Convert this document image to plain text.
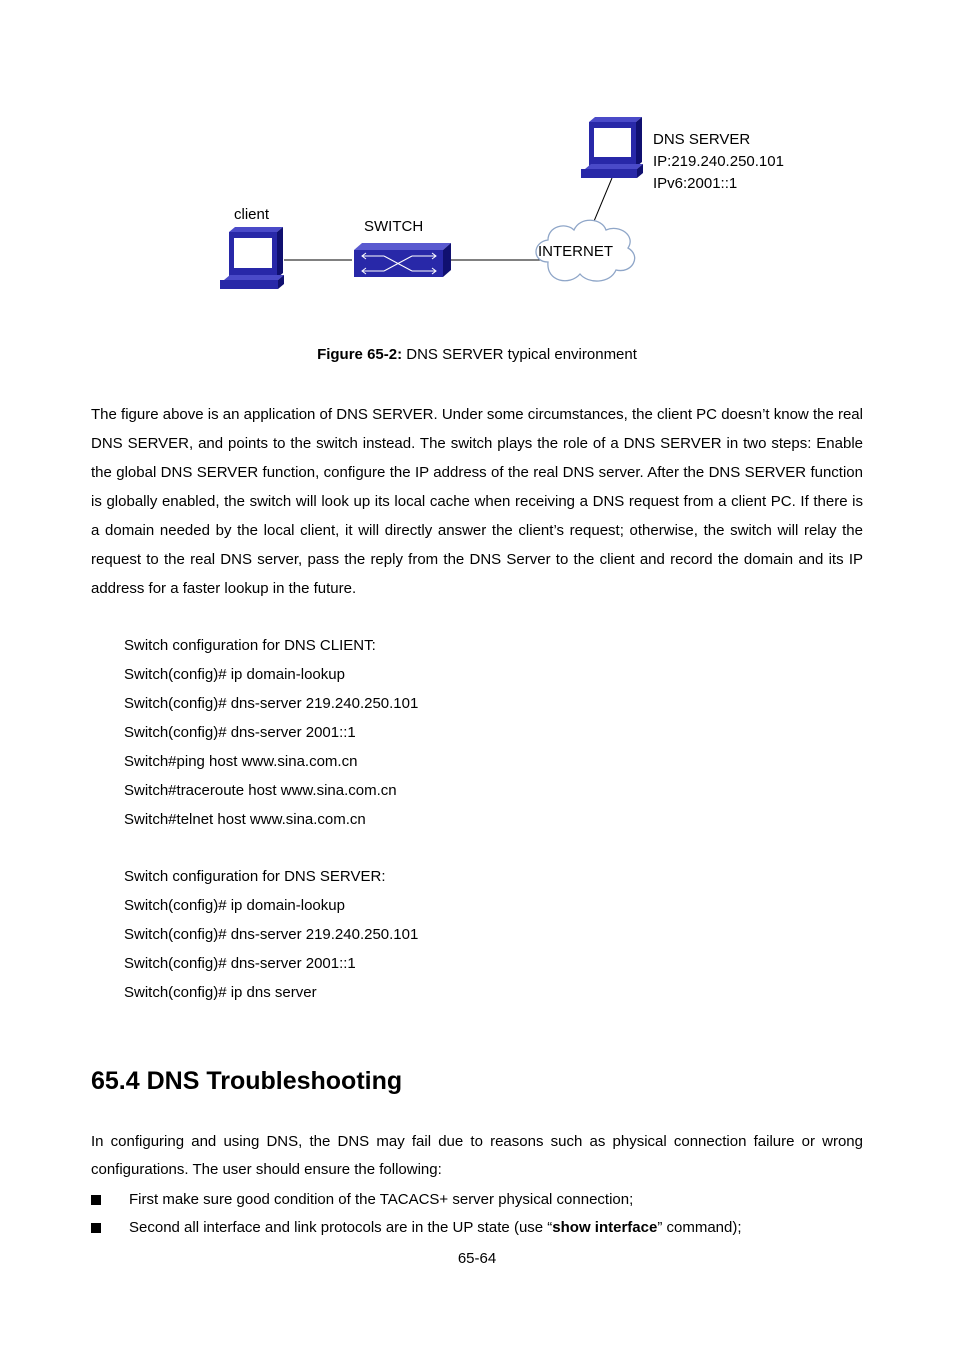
client
SWITCH
INTERNET
DNS SERVER
IP:219.240.250.101
IPv6:2001::1
Figure 65-2: DNS SERVER typical environment
The figure above is an application of DNS SERVER. Under some circumstances, the client PC doesn’t know the real DNS SERVER, and points to the switch instead. The switch plays the role of a DNS SERVER in two steps: Enable the global DNS SERVER function, configure the IP address of the real DNS server. After the DNS SERVER function is globally enabled, the switch will look up its local cache when receiving a DNS request from a client PC. If there is a domain needed by the local client, it will directly answer the client’s request; otherwise, the switch will relay the request to the real DNS server, pass the reply from the DNS Server to the client and record the domain and its IP address for a faster lookup in the future.
Switch configuration for DNS CLIENT:
Switch(config)# ip domain-lookup
Switch(config)# dns-server 219.240.250.101
Switch(config)# dns-server 2001::1
Switch#ping host www.sina.com.cn
Switch#traceroute host www.sina.com.cn
Switch#telnet host www.sina.com.cn
Switch configuration for DNS SERVER:
Switch(config)# ip domain-lookup
Switch(config)# dns-server 219.240.250.101
Switch(config)# dns-server 2001::1
Switch(config)# ip dns server
65.4 DNS Troubleshooting
In configuring and using DNS, the DNS may fail due to reasons such as physical connection failure or wrong configurations. The user should ensure the following:
First make sure good condition of the TACACS+ server physical connection;
Second all interface and link protocols are in the UP state (use “show interface” command);
65-64
